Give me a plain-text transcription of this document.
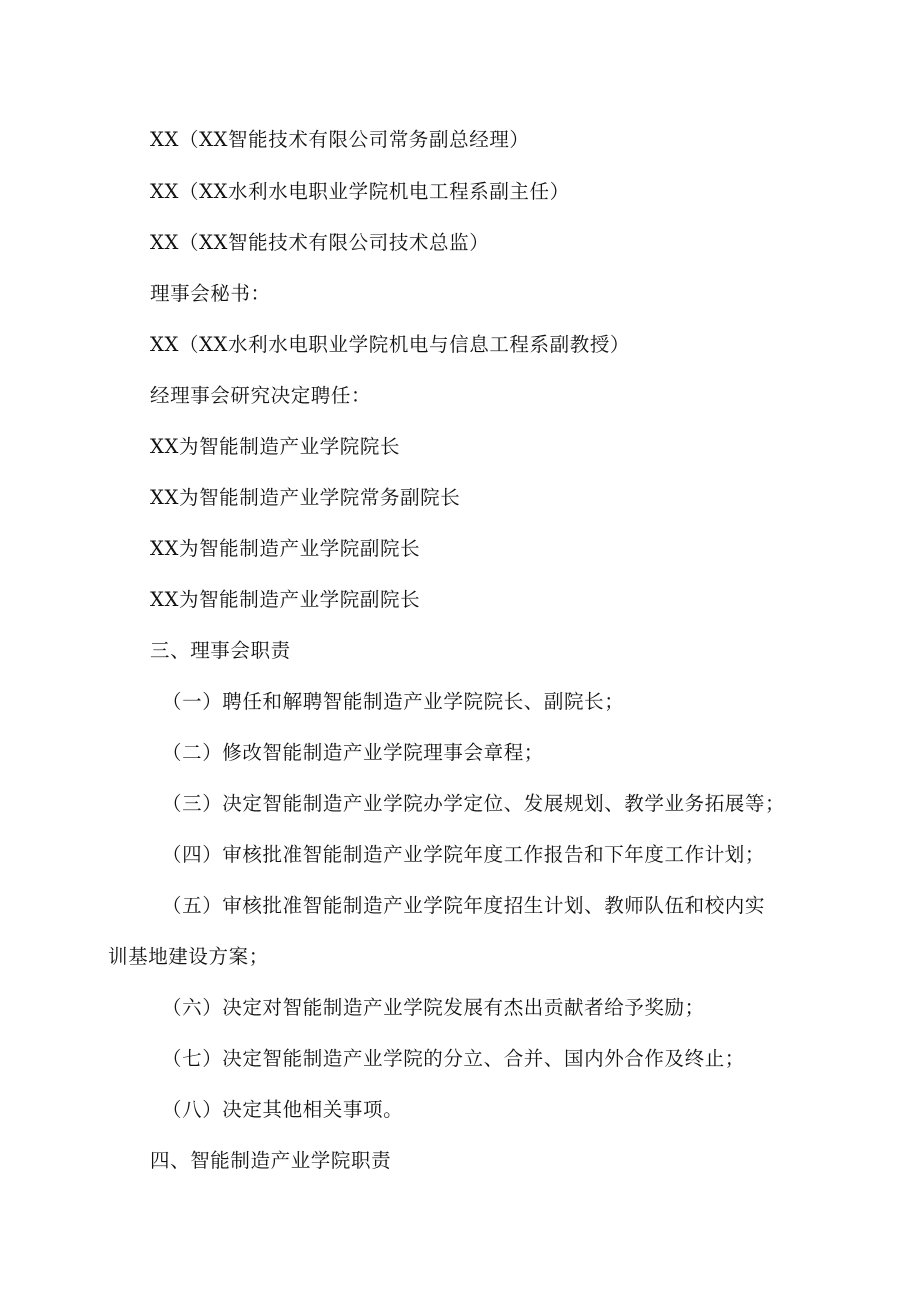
XX（XX智能技术有限公司常务副总经理）
XX（XX水利水电职业学院机电工程系副主任）
XX（XX智能技术有限公司技术总监）
理事会秘书：
XX（XX水利水电职业学院机电与信息工程系副教授）
经理事会研究决定聘任：
XX为智能制造产业学院院长
XX为智能制造产业学院常务副院长
XX为智能制造产业学院副院长
XX为智能制造产业学院副院长
三、理事会职责
（一）聘任和解聘智能制造产业学院院长、副院长；
（二）修改智能制造产业学院理事会章程；
（三）决定智能制造产业学院办学定位、发展规划、教学业务拓展等；
（四）审核批准智能制造产业学院年度工作报告和下年度工作计划；
（五）审核批准智能制造产业学院年度招生计划、教师队伍和校内实
训基地建设方案；
（六）决定对智能制造产业学院发展有杰出贡献者给予奖励；
（七）决定智能制造产业学院的分立、合并、国内外合作及终止；
（八）决定其他相关事项。
四、智能制造产业学院职责
